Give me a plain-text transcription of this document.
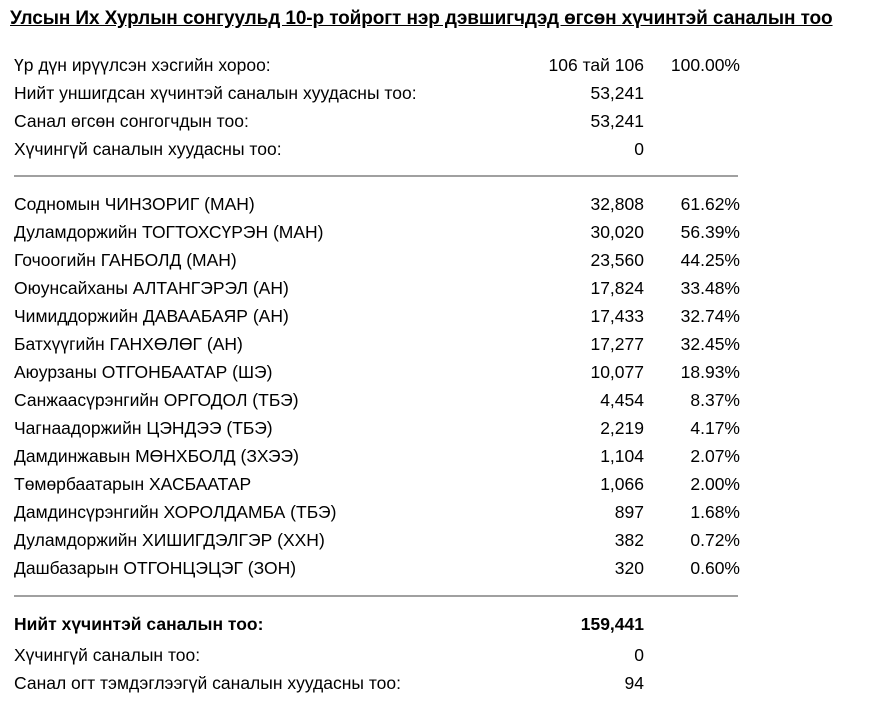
Улсын Их Хурлын сонгуульд 10-р тойрогт нэр дэвшигчдэд өгсөн хүчинтэй саналын тоо
Үр дүн ирүүлсэн хэсгийн хороо:	106 тай 106 100.00%
Нийт уншигдсан хүчинтэй саналын хуудасны тоо:	53,241
Санал өгсөн сонгогчдын тоо:	53,241
Хүчингүй саналын хуудасны тоо:	0
Содномын ЧИНЗОРИГ (МАН)	32,808 61.62%
Дуламдоржийн ТОГТОХСҮРЭН (МАН)	30,020 56.39%
Гочоогийн ГАНБОЛД (МАН)	23,560 44.25%
Оюунсайханы АЛТАНГЭРЭЛ (АН)	17,824 33.48%
Чимиддоржийн ДАВААБАЯР (АН)	17,433 32.74%
Батхүүгийн ГАНХӨЛӨГ (АН)	17,277 32.45%
Аюурзаны ОТГОНБААТАР (ШЭ)	10,077 18.93%
Санжаасүрэнгийн ОРГОДОЛ (ТБЭ)	4,454	8.37%
Чагнаадоржийн ЦЭНДЭЭ (ТБЭ)	2,219	4.17%
Дамдинжавын МӨНХБОЛД (ЗХЭЭ)	1,104	2.07%
Төмөрбаатарын ХАСБААТАР	1,066	2.00%
Дамдинсүрэнгийн ХОРОЛДАМБА (ТБЭ)	897	1.68%
Дуламдоржийн ХИШИГДЭЛГЭР (ХХН)	382	0.72%
Дашбазарын ОТГОНЦЭЦЭГ (ЗОН)	320	0.60%
Нийт хүчинтэй саналын тоо:	159,441
Хүчингүй саналын тоо:	0
Санал огт тэмдэглээгүй саналын хуудасны тоо:	94
